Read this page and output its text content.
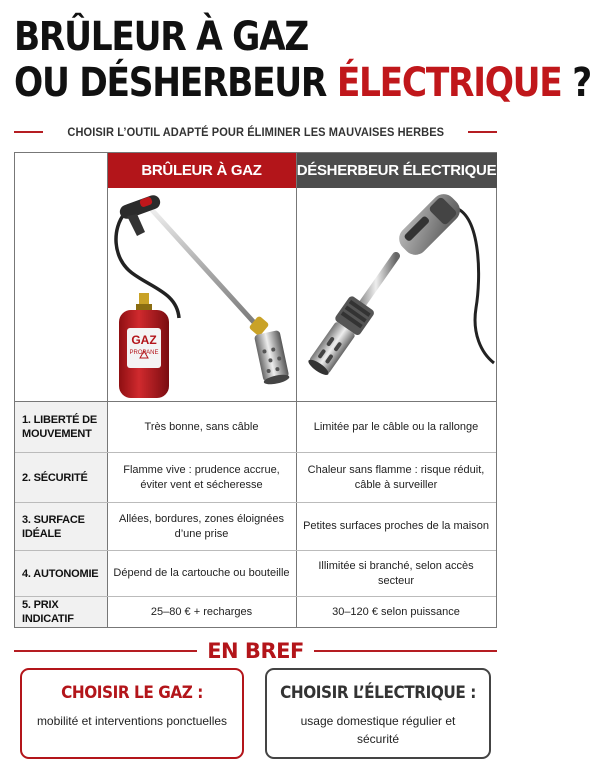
BRÛLEUR À GAZ
OU DÉSHERBEUR ÉLECTRIQUE ?
CHOISIR L’OUTIL ADAPTÉ POUR ÉLIMINER LES MAUVAISES HERBES
BRÛLEUR À GAZ	DÉSHERBEUR ÉLECTRIQUE
GAZ
PROPANE
1. LIBERTÉ DE MOUVEMENT
Très bonne, sans câble	Limitée par le câble ou la rallonge
2. SÉCURITÉ
Flamme vive : prudence accrue, éviter vent et sécheresse
Chaleur sans flamme : risque réduit, câble à surveiller
3. SURFACE IDÉALE
Allées, bordures, zones éloignées d’une prise
Petites surfaces proches de la maison
4. AUTONOMIE	Dépend de la cartouche ou bouteille
Illimitée si branché, selon accès secteur
5. PRIX INDICATIF
25–80 € + recharges	30–120 € selon puissance
EN BREF
CHOISIR LE GAZ :
mobilité et interventions ponctuelles
CHOISIR L’ÉLECTRIQUE :
usage domestique régulier et sécurité
